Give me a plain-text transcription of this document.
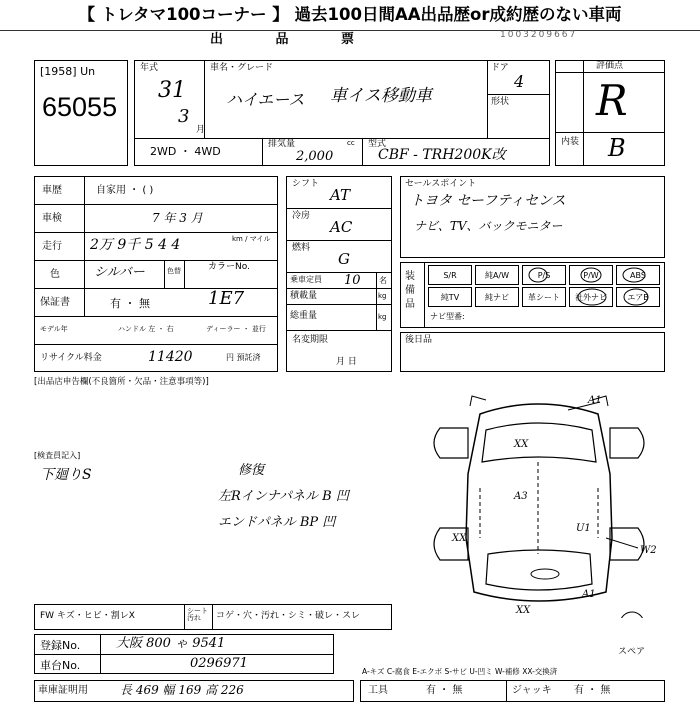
【 トレタマ100コーナー 】 過去100日間AA出品歴or成約歴のない車両
出 品 票	1003209667
[1958] Un
65055
年式
31
3
月
車名・グレード
ハイエース 車イス移動車
ドア
4
形状
2WD ・ 4WD
排気量	cc
2,000
型式
CBF - TRH200K改
評価点
R
内装 B
車歴	自家用 ・ ( )
車検	7 年 3 月
走行 2万 9千 5 4 4	km / マイル
色	シルバー	色替	カラーNo.
1E7
保証書	有 ・ 無
モデル年	ハンドル 左 ・ 右	ディーラー ・ 並行
リサイクル料金	11420	円 預託済
シフト
AT
冷房
AC
燃料
G
乗車定員 10 名
積載量	kg
総重量	kg
名変期限
月 日
セールスポイント
トヨタ セーフティセンス
ナビ、TV、バックモニター
装備品
S/R	純A/W	P/S	P/W	ABS
純TV	純ナビ	革シート	社外ナビ	エアB
ナビ型番:
後日品
[出品店申告欄(不良箇所・欠品・注意事項等)]
[検査員記入]
下廻りS	修復
左Rインナパネル B 凹
エンドパネル BP 凹
A1
XX
A3
U1
XX
XX
W2
A1
スペア
FW キズ・ヒビ・割レX	シート汚れ	コゲ・穴・汚れ・シミ・破レ・スレ
登録No.	大阪 800 ゃ 9541
車台No.	0296971
車庫証明用	長 469 幅 169 高 226	工具	有 ・ 無	ジャッキ 有 ・ 無
A-キズ C-腐食 E-エクボ S-サビ U-凹ミ W-補修 XX-交換済
